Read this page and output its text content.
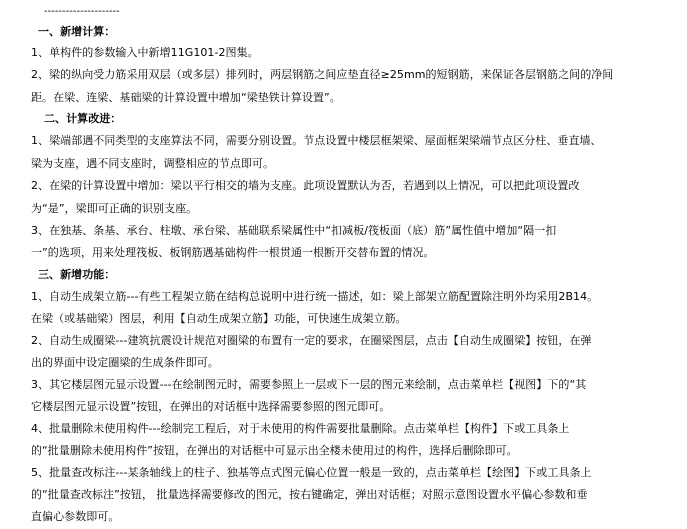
---------------------
一、新增计算：
1、单构件的参数输入中新增11G101-2图集。
2、梁的纵向受力筋采用双层（或多层）排列时，两层钢筋之间应垫直径≥25mm的短钢筋，来保证各层钢筋之间的净间
距。在梁、连梁、基础梁的计算设置中增加“梁垫铁计算设置”。
二、计算改进：
1、梁端部遇不同类型的支座算法不同，需要分别设置。节点设置中楼层框架梁、屋面框架梁端节点区分柱、垂直墙、
梁为支座，遇不同支座时，调整相应的节点即可。
2、在梁的计算设置中增加：梁以平行相交的墙为支座。此项设置默认为否，若遇到以上情况，可以把此项设置改
为“是”，梁即可正确的识别支座。
3、在独基、条基、承台、柱墩、承台梁、基础联系梁属性中“扣减板/筏板面（底）筋”属性值中增加“隔一扣
一”的选项，用来处理筏板、板钢筋遇基础构件一根贯通一根断开交替布置的情况。
三、新增功能：
1、自动生成架立筋---有些工程架立筋在结构总说明中进行统一描述，如：梁上部架立筋配置除注明外均采用2B14。
在梁（或基础梁）图层，利用【自动生成架立筋】功能，可快速生成架立筋。
2、自动生成圈梁---建筑抗震设计规范对圈梁的布置有一定的要求，在圈梁图层，点击【自动生成圈梁】按钮，在弹
出的界面中设定圈梁的生成条件即可。
3、其它楼层图元显示设置---在绘制图元时，需要参照上一层或下一层的图元来绘制，点击菜单栏【视图】下的“其
它楼层图元显示设置”按钮，在弹出的对话框中选择需要参照的图元即可。
4、批量删除未使用构件---绘制完工程后，对于未使用的构件需要批量删除。点击菜单栏【构件】下或工具条上
的“批量删除未使用构件”按钮，在弹出的对话框中可显示出全楼未使用过的构件，选择后删除即可。
5、批量查改标注---某条轴线上的柱子、独基等点式图元偏心位置一般是一致的，点击菜单栏【绘图】下或工具条上
的“批量查改标注”按钮， 批量选择需要修改的图元，按右键确定，弹出对话框；对照示意图设置水平偏心参数和垂
直偏心参数即可。
